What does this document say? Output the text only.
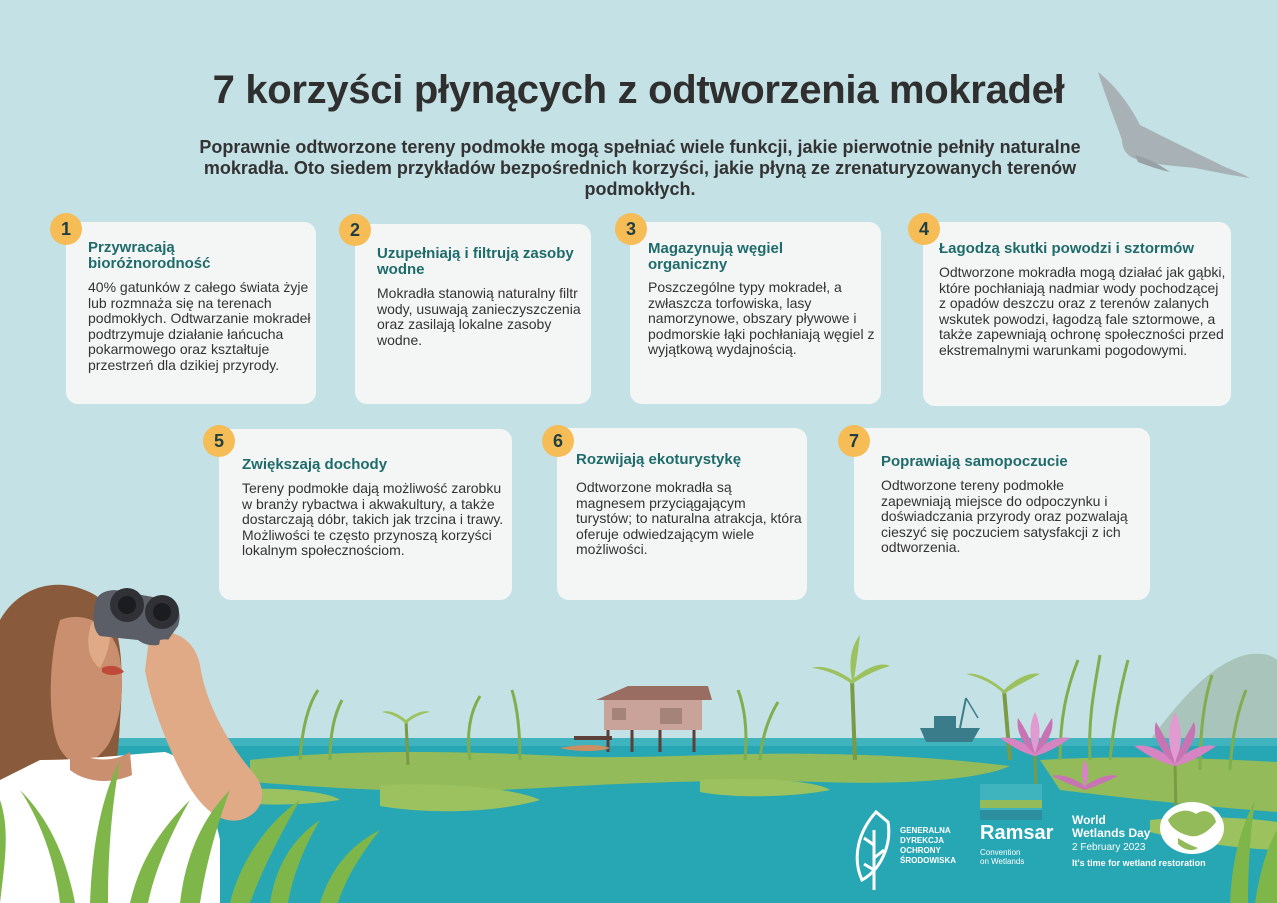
7 korzyści płynących z odtworzenia mokradeł
Poprawnie odtworzone tereny podmokłe mogą spełniać wiele funkcji, jakie pierwotnie pełniły naturalne mokradła. Oto siedem przykładów bezpośrednich korzyści, jakie płyną ze zrenaturyzowanych terenów podmokłych.
Przywracają bioróżnorodność
40% gatunków z całego świata żyje lub rozmnaża się na terenach podmokłych. Odtwarzanie mokradeł podtrzymuje działanie łańcucha pokarmowego oraz kształtuje przestrzeń dla dzikiej przyrody.
1
Uzupełniają i filtrują zasoby wodne
Mokradła stanowią naturalny filtr wody, usuwają zanieczyszczenia oraz zasilają lokalne zasoby wodne.
2
Magazynują węgiel organiczny
Poszczególne typy mokradeł, a zwłaszcza torfowiska, lasy namorzynowe, obszary pływowe i podmorskie łąki pochłaniają węgiel z wyjątkową wydajnością.
3
Łagodzą skutki powodzi i sztormów
Odtworzone mokradła mogą działać jak gąbki, które pochłaniają nadmiar wody pochodzącej z opadów deszczu oraz z terenów zalanych wskutek powodzi, łagodzą fale sztormowe, a także zapewniają ochronę społeczności przed ekstremalnymi warunkami pogodowymi.
4
Zwiększają dochody
Tereny podmokłe dają możliwość zarobku w branży rybactwa i akwakultury, a także dostarczają dóbr, takich jak trzcina i trawy. Możliwości te często przynoszą korzyści lokalnym społecznościom.
5
Rozwijają ekoturystykę
Odtworzone mokradła są magnesem przyciągającym turystów; to naturalna atrakcja, która oferuje odwiedzającym wiele możliwości.
6
Poprawiają samopoczucie
Odtworzone tereny podmokłe zapewniają miejsce do odpoczynku i doświadczania przyrody oraz pozwalają cieszyć się poczuciem satysfakcji z ich odtworzenia.
7
GENERALNA
DYREKCJA
OCHRONY
ŚRODOWISKA
Ramsar
Convention
on Wetlands
World
Wetlands Day
2 February 2023
It's time for wetland restoration
